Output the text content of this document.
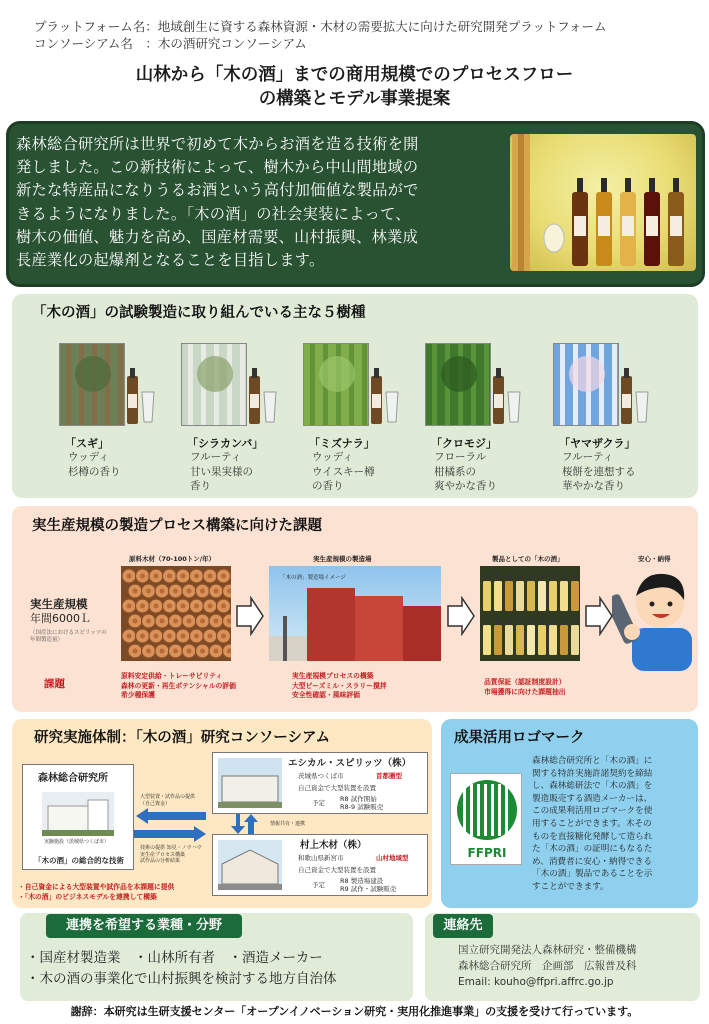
プラットフォーム名：地域創生に資する森林資源・木材の需要拡大に向けた研究開発プラットフォーム
コンソーシアム名　：木の酒研究コンソーシアム
山林から「木の酒」までの商用規模でのプロセスフロー
の構築とモデル事業提案
森林総合研究所は世界で初めて木からお酒を造る技術を開
発しました。この新技術によって、樹木から中山間地域の
新たな特産品になりうるお酒という高付加価値な製品がで
きるようになりました。「木の酒」の社会実装によって、
樹木の価値、魅力を高め、国産材需要、山村振興、林業成
長産業化の起爆剤となることを目指します。
「木の酒」の試験製造に取り組んでいる主な５樹種
「スギ」
ウッディ
杉樽の香り
「シラカンバ」
フルーティ
甘い果実様の
香り
「ミズナラ」
ウッディ
ウイスキー樽
の香り
「クロモジ」
フローラル
柑橘系の
爽やかな香り
「ヤマザクラ」
フルーティ
桜餅を連想する
華やかな香り
実生産規模の製造プロセス構築に向けた課題
原料木材（70-100トン/年）	実生産規模の製造場	製品としての「木の酒」	安心・納得
実生産規模
年間6000Ｌ
（国産法におけるスピリッツの
年間製造量）
課題
「木の酒」製造場イメージ
原料安定供給・トレーサビリティ
森林の更新・再生ポテンシャルの評価
希少種保護
実生産規模プロセスの構築
大型ビーズミル・スラリー撹拌
安全性確認・風味評価
品質保証（認証制度設計）
市場獲得に向けた課題抽出
研究実施体制：「木の酒」研究コンソーシアム
森林総合研究所
実験施設（茨城県つくば市）
「木の酒」の総合的な技術
大型装置・試作品の提供
（自己資金）
技術の提供 知見・ノウハウ
実生産プロセス構築
試作品の分析結果
エシカル・スピリッツ（株）
茨城県つくば市	首都圏型
自己資金で大型装置を設置
予定 R8 試作開始
R8-9 試験販売
情報共有・連携
村上木材（株）
和歌山県新宮市	山村地域型
自己資金で大型装置を設置
予定 R8 製造場建設
R9 試作・試験販売
・自己資金による大型装置や試作品を本課題に提供
・「木の酒」のビジネスモデルを連携して構築
成果活用ロゴマーク
FFPRI
森林総合研究所と「木の酒」に
関する特許実施許諾契約を締結
し、森林総研法で「木の酒」を
製造販売する酒造メーカーは、
この成果利活用ロゴマークを使
用することができます。木その
ものを直接糖化発酵して造られ
た「木の酒」の証明にもなるた
め、消費者に安心・納得できる
「木の酒」製品であることを示
すことができます。
連携を希望する業種・分野
・国産材製造業　・山林所有者　・酒造メーカー
・木の酒の事業化で山村振興を検討する地方自治体
連絡先
国立研究開発法人森林研究・整備機構
森林総合研究所　企画部　広報普及科
Email: kouho@ffpri.affrc.go.jp
謝辞：本研究は生研支援センター「オープンイノベーション研究・実用化推進事業」の支援を受けて行っています。
